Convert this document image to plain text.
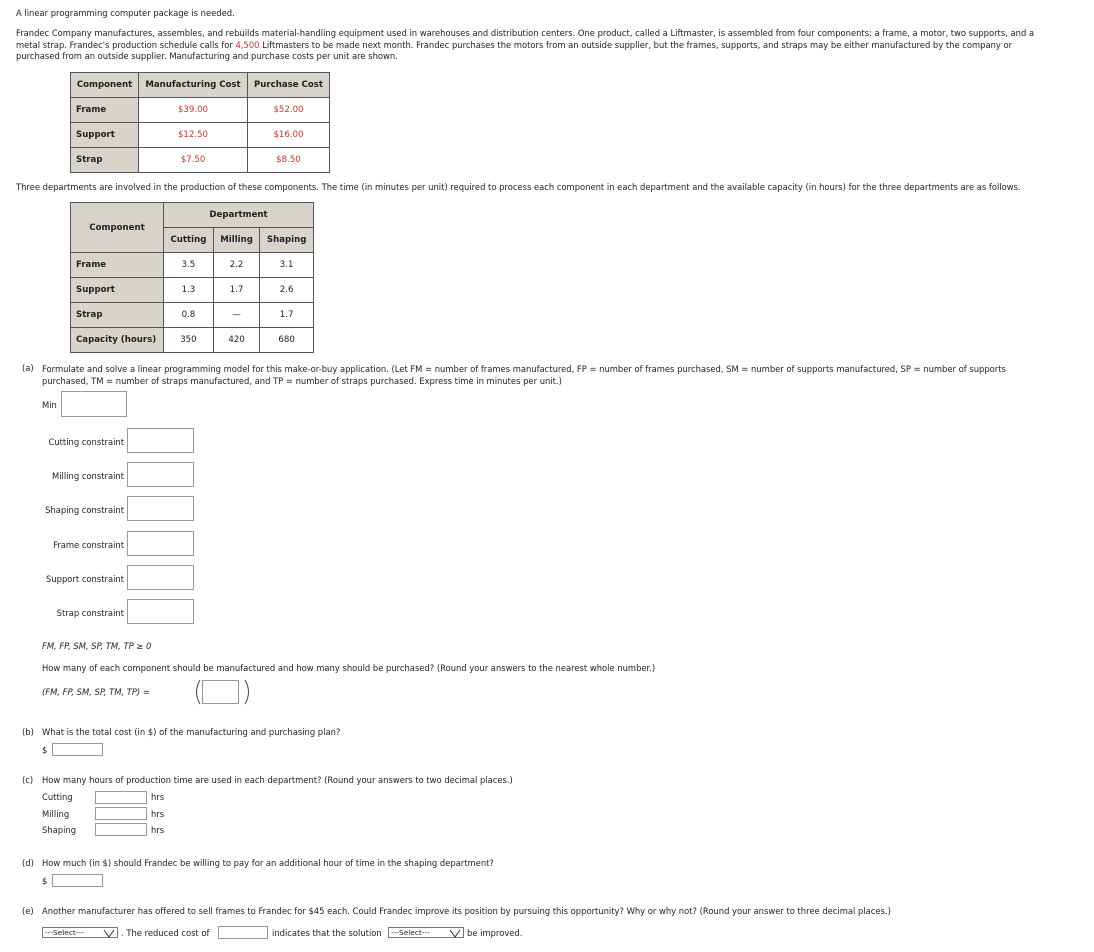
A linear programming computer package is needed.

Frandec Company manufactures, assembles, and rebuilds material-handling equipment used in warehouses and distribution centers. One product, called a Liftmaster, is assembled from four components: a frame, a motor, two supports, and a
metal strap. Frandec's production schedule calls for 4,500 Liftmasters to be made next month. Frandec purchases the motors from an outside supplier, but the frames, supports, and straps may be either manufactured by the company or
purchased from an outside supplier. Manufacturing and purchase costs per unit are shown.
Component	Manufacturing Cost	Purchase Cost
Frame	$39.00	$52.00
Support	$12.50	$16.00
Strap	$7.50	$8.50

Three departments are involved in the production of these components. The time (in minutes per unit) required to process each component in each department and the available capacity (in hours) for the three departments are as follows.

Component	Department		
	Cutting	Milling	Shaping
Frame	3.5	2.2	3.1
Support	1.3	1.7	2.6
Strap	0.8	—	1.7
Capacity (hours)	350	420	680
(a) Formulate and solve a linear programming model for this make-or-buy application. (Let FM = number of frames manufactured, FP = number of frames purchased, SM = number of supports manufactured, SP = number of supports
purchased, TM = number of straps manufactured, and TP = number of straps purchased. Express time in minutes per unit.)
Min
Cutting constraint
Milling constraint
Shaping constraint
Frame constraint
Support constraint
Strap constraint
FM, FP, SM, SP, TM, TP ≥ 0
How many of each component should be manufactured and how many should be purchased? (Round your answers to the nearest whole number.)
(FM, FP, SM, SP, TM, TP) =
(b) What is the total cost (in $) of the manufacturing and purchasing plan?
$
(c) How many hours of production time are used in each department? (Round your answers to two decimal places.)
Cutting	hrs
Milling	hrs
Shaping	hrs
(d) How much (in $) should Frandec be willing to pay for an additional hour of time in the shaping department?
$
(e) Another manufacturer has offered to sell frames to Frandec for $45 each. Could Frandec improve its position by pursuing this opportunity? Why or why not? (Round your answer to three decimal places.)
---Select---	. The reduced cost of	indicates that the solution	---Select---	be improved.
